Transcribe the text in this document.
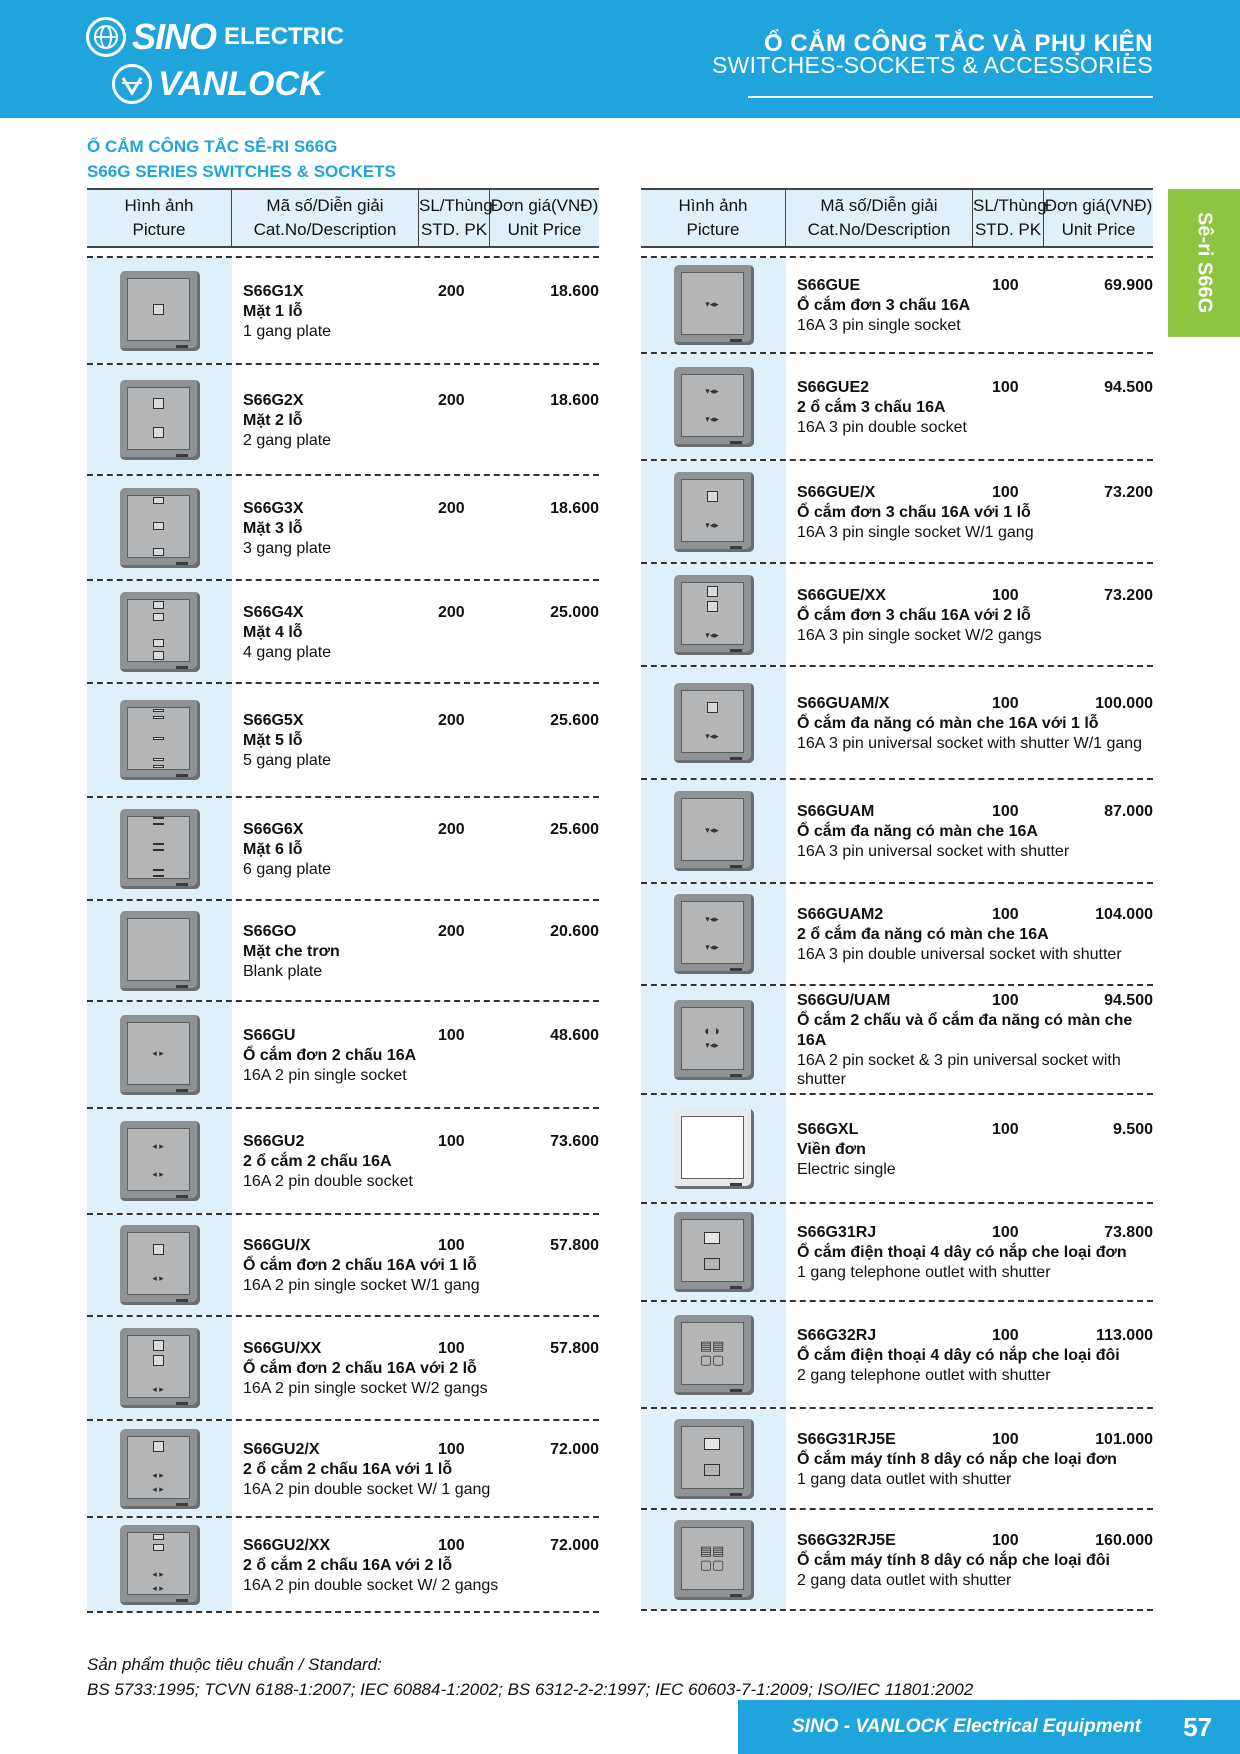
SINO ELECTRIC
VANLOCK
Ổ CẮM CÔNG TẮC VÀ PHỤ KIỆN
SWITCHES-SOCKETS & ACCESSORIES
Ổ CẮM CÔNG TẮC SÊ-RI S66G
S66G SERIES SWITCHES & SOCKETS
Sê-ri S66G
Hình ảnh
Picture
Mã số/Diễn giải
Cat.No/Description
SL/Thùng
STD. PK
Đơn giá(VNĐ)
Unit Price
S66G1X	200	18.600
Mặt 1 lỗ
1 gang plate

S66G2X	200	18.600
Mặt 2 lỗ
2 gang plate

S66G3X	200	18.600
Mặt 3 lỗ
3 gang plate

S66G4X	200	25.000
Mặt 4 lỗ
4 gang plate

S66G5X	200	25.600
Mặt 5 lỗ
5 gang plate

S66G6X	200	25.600
Mặt 6 lỗ
6 gang plate
S66GO	200	20.600
Mặt che trơn
Blank plate
◂ ▸
S66GU	100	48.600
Ổ cắm đơn 2 chấu 16A
16A 2 pin single socket
◂ ▸

◂ ▸
S66GU2	100	73.600
2 ổ cắm 2 chấu 16A
16A 2 pin double socket

◂ ▸
S66GU/X	100	57.800
Ổ cắm đơn 2 chấu 16A với 1 lỗ
16A 2 pin single socket W/1 gang

◂ ▸
S66GU/XX	100	57.800
Ổ cắm đơn 2 chấu 16A với 2 lỗ
16A 2 pin single socket W/2 gangs

◂ ▸
◂ ▸
S66GU2/X	100	72.000
2 ổ cắm 2 chấu 16A với 1 lỗ
16A 2 pin double socket W/ 1 gang

◂ ▸
◂ ▸
S66GU2/XX	100	72.000
2 ổ cắm 2 chấu 16A với 2 lỗ
16A 2 pin double socket W/ 2 gangs
Hình ảnh
Picture
Mã số/Diễn giải
Cat.No/Description
SL/Thùng
STD. PK
Đơn giá(VNĐ)
Unit Price
▾◂▸
S66GUE	100	69.900
Ổ cắm đơn 3 chấu 16A
16A 3 pin single socket
▾◂▸

▾◂▸
S66GUE2	100	94.500
2 ổ cắm 3 chấu 16A
16A 3 pin double socket

▾◂▸
S66GUE/X	100	73.200
Ổ cắm đơn 3 chấu 16A với 1 lỗ
16A 3 pin single socket W/1 gang

▾◂▸
S66GUE/XX	100	73.200
Ổ cắm đơn 3 chấu 16A với 2 lỗ
16A 3 pin single socket W/2 gangs

▾◂▸
S66GUAM/X	100	100.000
Ổ cắm đa năng có màn che 16A với 1 lỗ
16A 3 pin universal socket with shutter W/1 gang
▾◂▸
S66GUAM	100	87.000
Ổ cắm đa năng có màn che 16A
16A 3 pin universal socket with shutter
▾◂▸

▾◂▸
S66GUAM2	100	104.000
2 ổ cắm đa năng có màn che 16A
16A 3 pin double universal socket with shutter
◐◑

▾◂▸
S66GU/UAM	100	94.500
Ổ cắm 2 chấu và ổ cắm đa năng có màn che 16A
16A 2 pin socket & 3 pin universal socket with shutter
S66GXL	100	9.500
Viền đơn
Electric single

S66G31RJ	100	73.800
Ổ cắm điện thoại 4 dây có nắp che loại đơn
1 gang telephone outlet with shutter
▤▤
▢▢
S66G32RJ	100	113.000
Ổ cắm điện thoại 4 dây có nắp che loại đôi
2 gang telephone outlet with shutter

S66G31RJ5E	100	101.000
Ổ cắm máy tính 8 dây có nắp che loại đơn
1 gang data outlet with shutter
▤▤
▢▢
S66G32RJ5E	100	160.000
Ổ cắm máy tính 8 dây có nắp che loại đôi
2 gang data outlet with shutter
Sản phẩm thuộc tiêu chuẩn / Standard:
BS 5733:1995; TCVN 6188-1:2007; IEC 60884-1:2002; BS 6312-2-2:1997; IEC 60603-7-1:2009; ISO/IEC 11801:2002
SINO - VANLOCK Electrical Equipment 57
